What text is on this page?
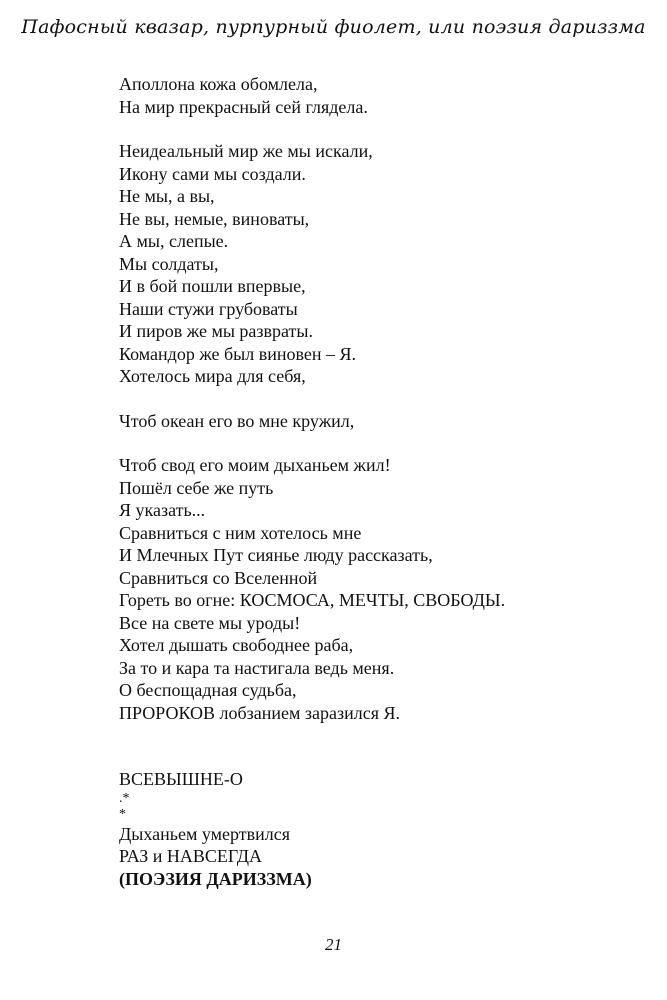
Пафосный квазар, пурпурный фиолет, или поэзия дариззма
Аполлона кожа обомлела,
На мир прекрасный сей глядела.
Неидеальный мир же мы искали,
Икону сами мы создали.
Не мы, а вы,
Не вы, немые, виноваты,
А мы, слепые.
Мы солдаты,
И в бой пошли впервые,
Наши стужи грубоваты
И пиров же мы развраты.
Командор же был виновен – Я.
Хотелось мира для себя,
Чтоб океан его во мне кружил,
Чтоб свод его моим дыханьем жил!
Пошёл себе же путь
Я указать...
Сравниться с ним хотелось мне
И Млечных Пут сиянье люду рассказать,
Сравниться со Вселенной
Гореть во огне: КОСМОСА, МЕЧТЫ, СВОБОДЫ.
Все на свете мы уроды!
Хотел дышать свободнее раба,
За то и кара та настигала ведь меня.
О беспощадная судьба,
ПРОРОКОВ лобзанием заразился Я.
ВСЕВЫШНЕ-О
.*
*
Дыханьем умертвился
РАЗ и НАВСЕГДА
(ПОЭЗИЯ ДАРИЗЗМА)
21
